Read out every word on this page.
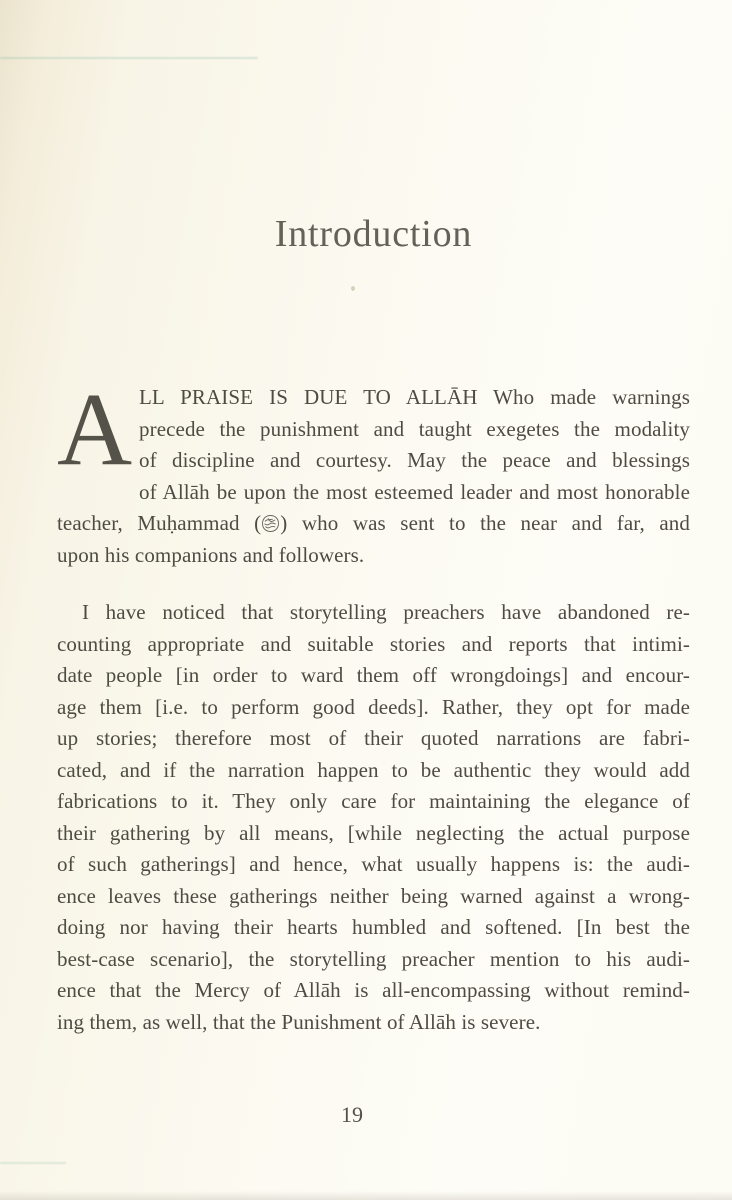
Introduction
A LL PRAISE IS DUE TO ALLĀH Who made warnings
precede the punishment and taught exegetes the modality
of discipline and courtesy. May the peace and blessings
of Allāh be upon the most esteemed leader and most honorable
teacher, Muḥammad ( ) who was sent to the near and far, and
upon his companions and followers.
I have noticed that storytelling preachers have abandoned re-
counting appropriate and suitable stories and reports that intimi-
date people [in order to ward them off wrongdoings] and encour-
age them [i.e. to perform good deeds]. Rather, they opt for made
up stories; therefore most of their quoted narrations are fabri-
cated, and if the narration happen to be authentic they would add
fabrications to it. They only care for maintaining the elegance of
their gathering by all means, [while neglecting the actual purpose
of such gatherings] and hence, what usually happens is: the audi-
ence leaves these gatherings neither being warned against a wrong-
doing nor having their hearts humbled and softened. [In best the
best-case scenario], the storytelling preacher mention to his audi-
ence that the Mercy of Allāh is all-encompassing without remind-
ing them, as well, that the Punishment of Allāh is severe.
19
